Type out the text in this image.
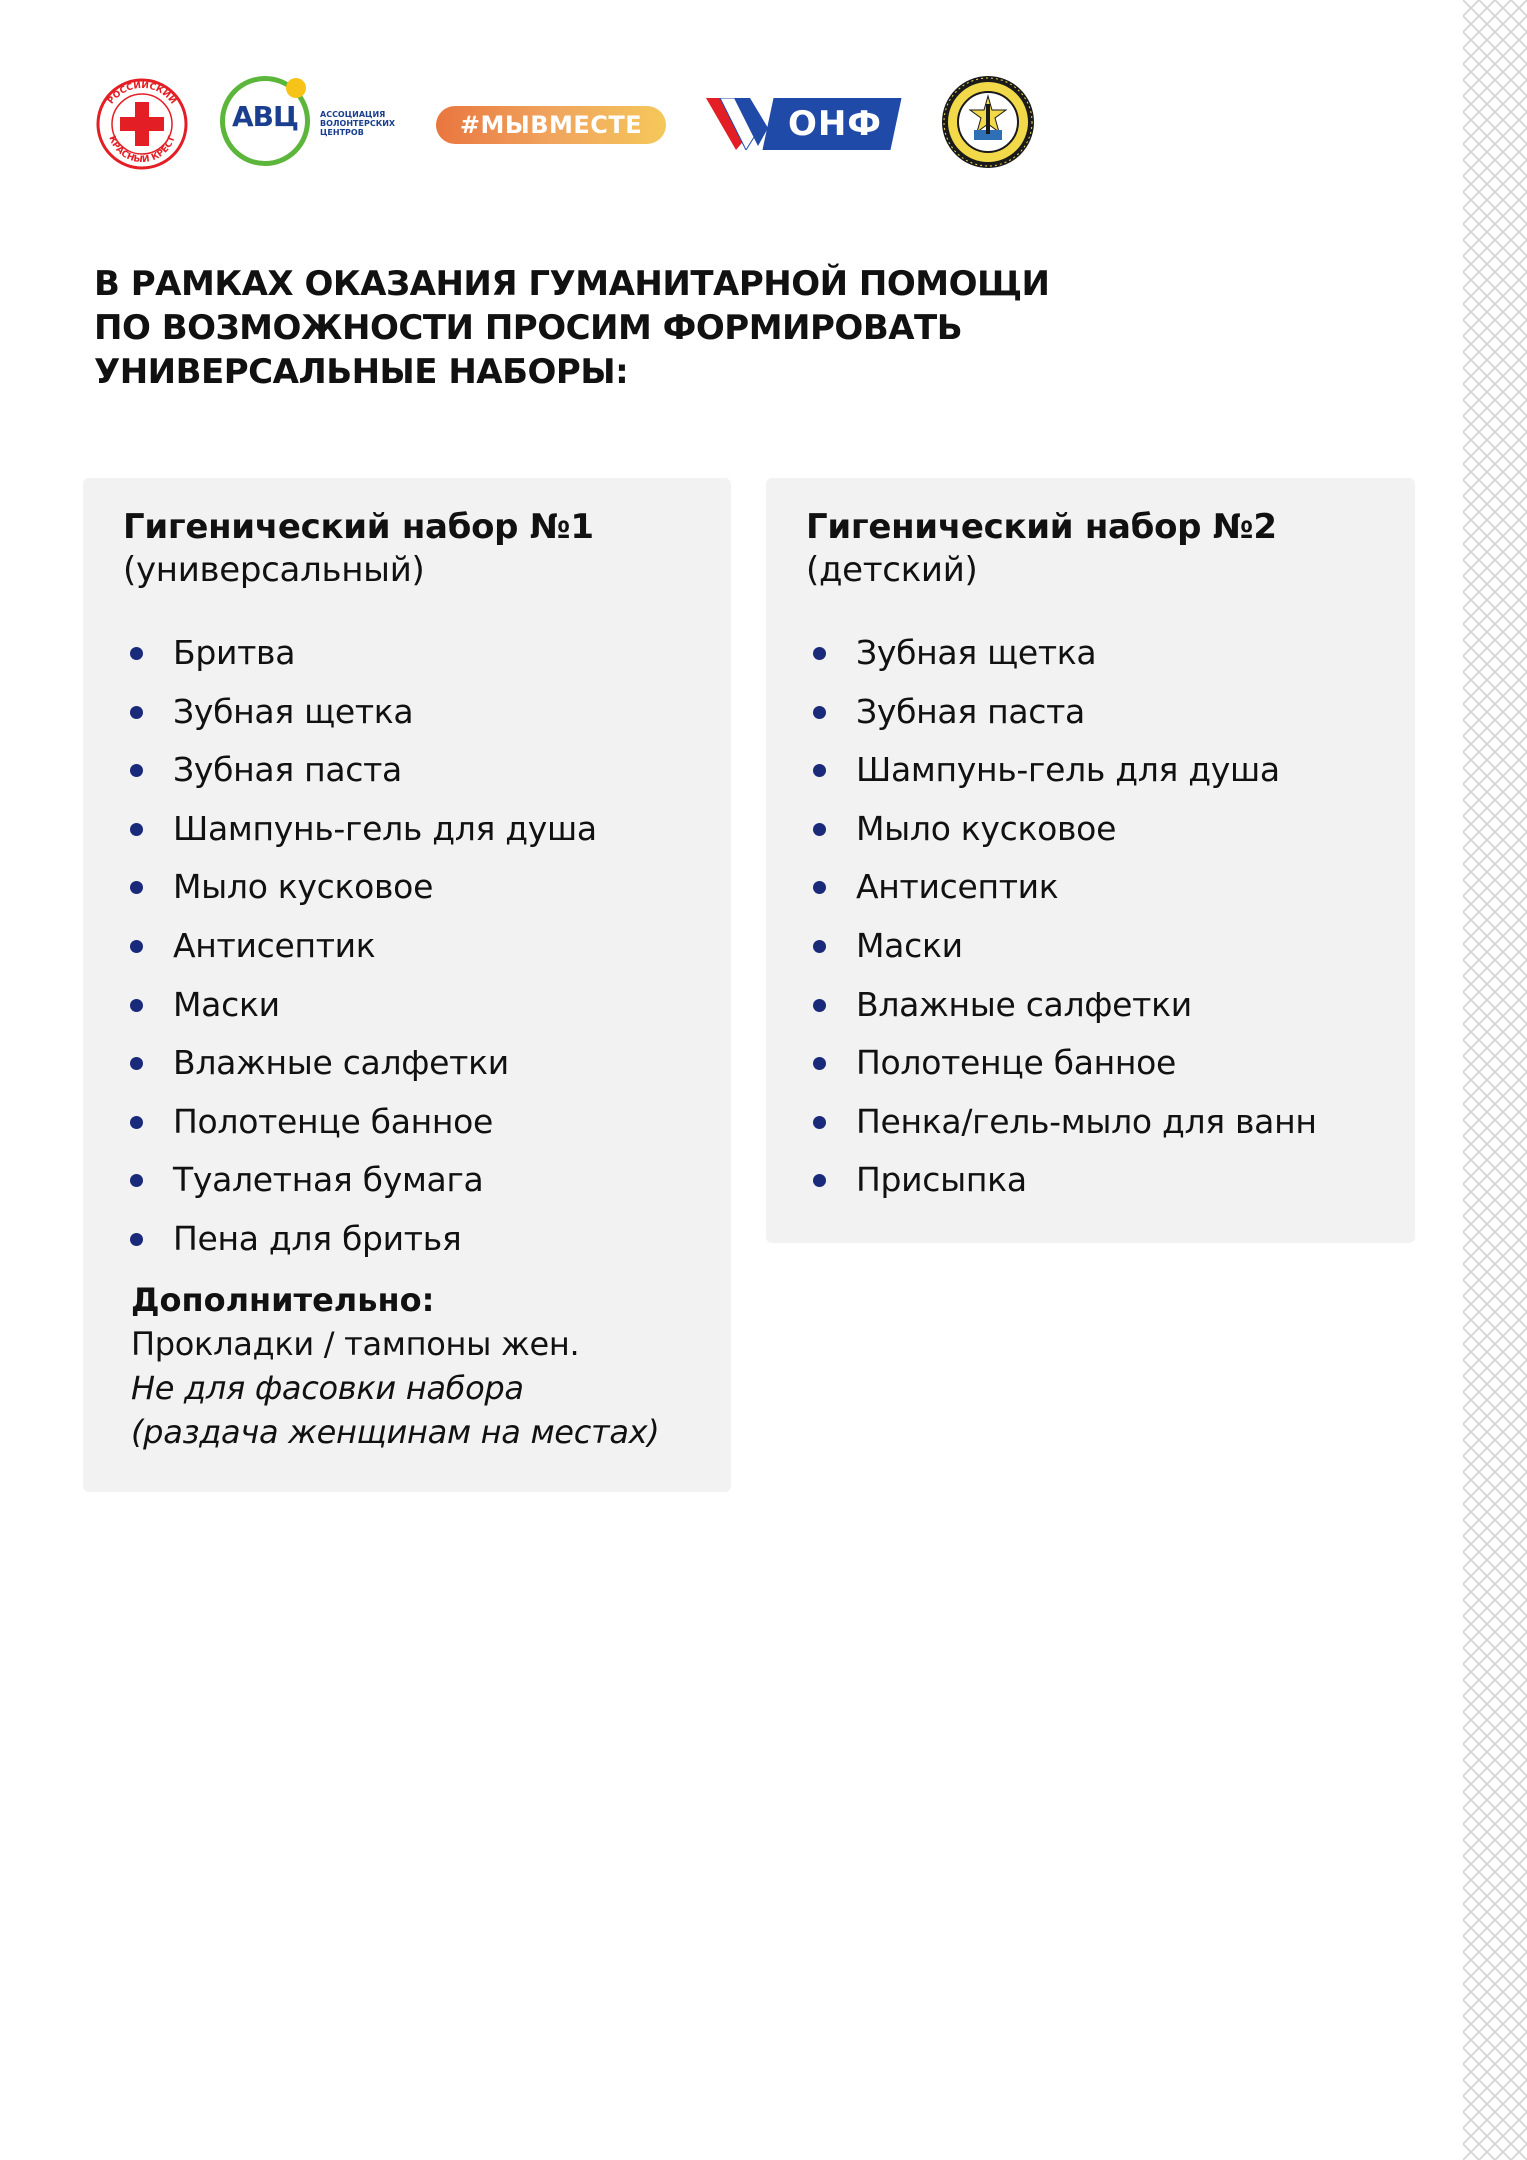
РОССИЙСКИЙ
КРАСНЫЙ КРЕСТ
АВЦ	АССОЦИАЦИЯ ВОЛОНТЕРСКИХ ЦЕНТРОВ	#МЫВМЕСТЕ	ОНФ
В РАМКАХ ОКАЗАНИЯ ГУМАНИТАРНОЙ ПОМОЩИ
ПО ВОЗМОЖНОСТИ ПРОСИМ ФОРМИРОВАТЬ
УНИВЕРСАЛЬНЫЕ НАБОРЫ:
Гигенический набор №1
(универсальный)
Бритва
Зубная щетка
Зубная паста
Шампунь-гель для душа
Мыло кусковое
Антисептик
Маски
Влажные салфетки
Полотенце банное
Туалетная бумага
Пена для бритья
Дополнительно:
Прокладки / тампоны жен.
Не для фасовки набора
(раздача женщинам на местах)
Гигенический набор №2
(детский)
Зубная щетка
Зубная паста
Шампунь-гель для душа
Мыло кусковое
Антисептик
Маски
Влажные салфетки
Полотенце банное
Пенка/гель-мыло для ванн
Присыпка
